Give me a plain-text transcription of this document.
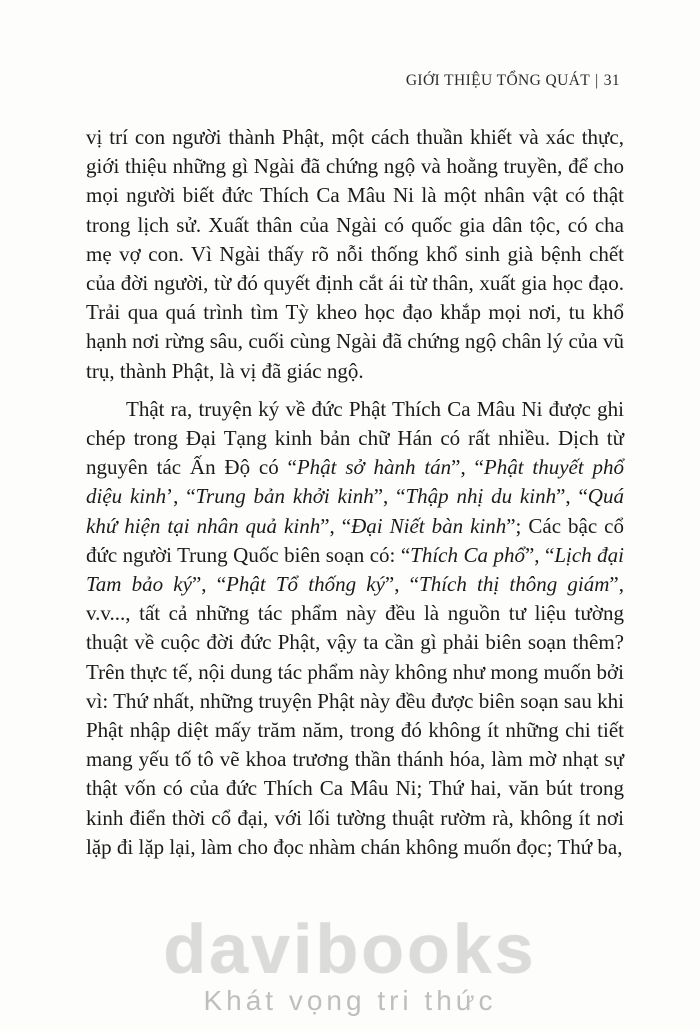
GIỚI THIỆU TỔNG QUÁT | 31

vị trí con người thành Phật, một cách thuần khiết và xác thực, giới thiệu những gì Ngài đã chứng ngộ và hoằng truyền, để cho mọi người biết đức Thích Ca Mâu Ni là một nhân vật có thật trong lịch sử. Xuất thân của Ngài có quốc gia dân tộc, có cha mẹ vợ con. Vì Ngài thấy rõ nỗi thống khổ sinh già bệnh chết của đời người, từ đó quyết định cắt ái từ thân, xuất gia học đạo. Trải qua quá trình tìm Tỳ kheo học đạo khắp mọi nơi, tu khổ hạnh nơi rừng sâu, cuối cùng Ngài đã chứng ngộ chân lý của vũ trụ, thành Phật, là vị đã giác ngộ.

Thật ra, truyện ký về đức Phật Thích Ca Mâu Ni được ghi chép trong Đại Tạng kinh bản chữ Hán có rất nhiều. Dịch từ nguyên tác Ấn Độ có “Phật sở hành tán”, “Phật thuyết phổ diệu kinh’, “Trung bản khởi kinh”, “Thập nhị du kinh”, “Quá khứ hiện tại nhân quả kinh”, “Đại Niết bàn kinh”; Các bậc cổ đức người Trung Quốc biên soạn có: “Thích Ca phổ”, “Lịch đại Tam bảo ký”, “Phật Tổ thống ký”, “Thích thị thông giám”, v.v..., tất cả những tác phẩm này đều là nguồn tư liệu tường thuật về cuộc đời đức Phật, vậy ta cần gì phải biên soạn thêm? Trên thực tế, nội dung tác phẩm này không như mong muốn bởi vì: Thứ nhất, những truyện Phật này đều được biên soạn sau khi Phật nhập diệt mấy trăm năm, trong đó không ít những chi tiết mang yếu tố tô vẽ khoa trương thần thánh hóa, làm mờ nhạt sự thật vốn có của đức Thích Ca Mâu Ni; Thứ hai, văn bút trong kinh điển thời cổ đại, với lối tường thuật rườm rà, không ít nơi lặp đi lặp lại, làm cho đọc nhàm chán không muốn đọc; Thứ ba,

davibooks
Khát vọng tri thức
